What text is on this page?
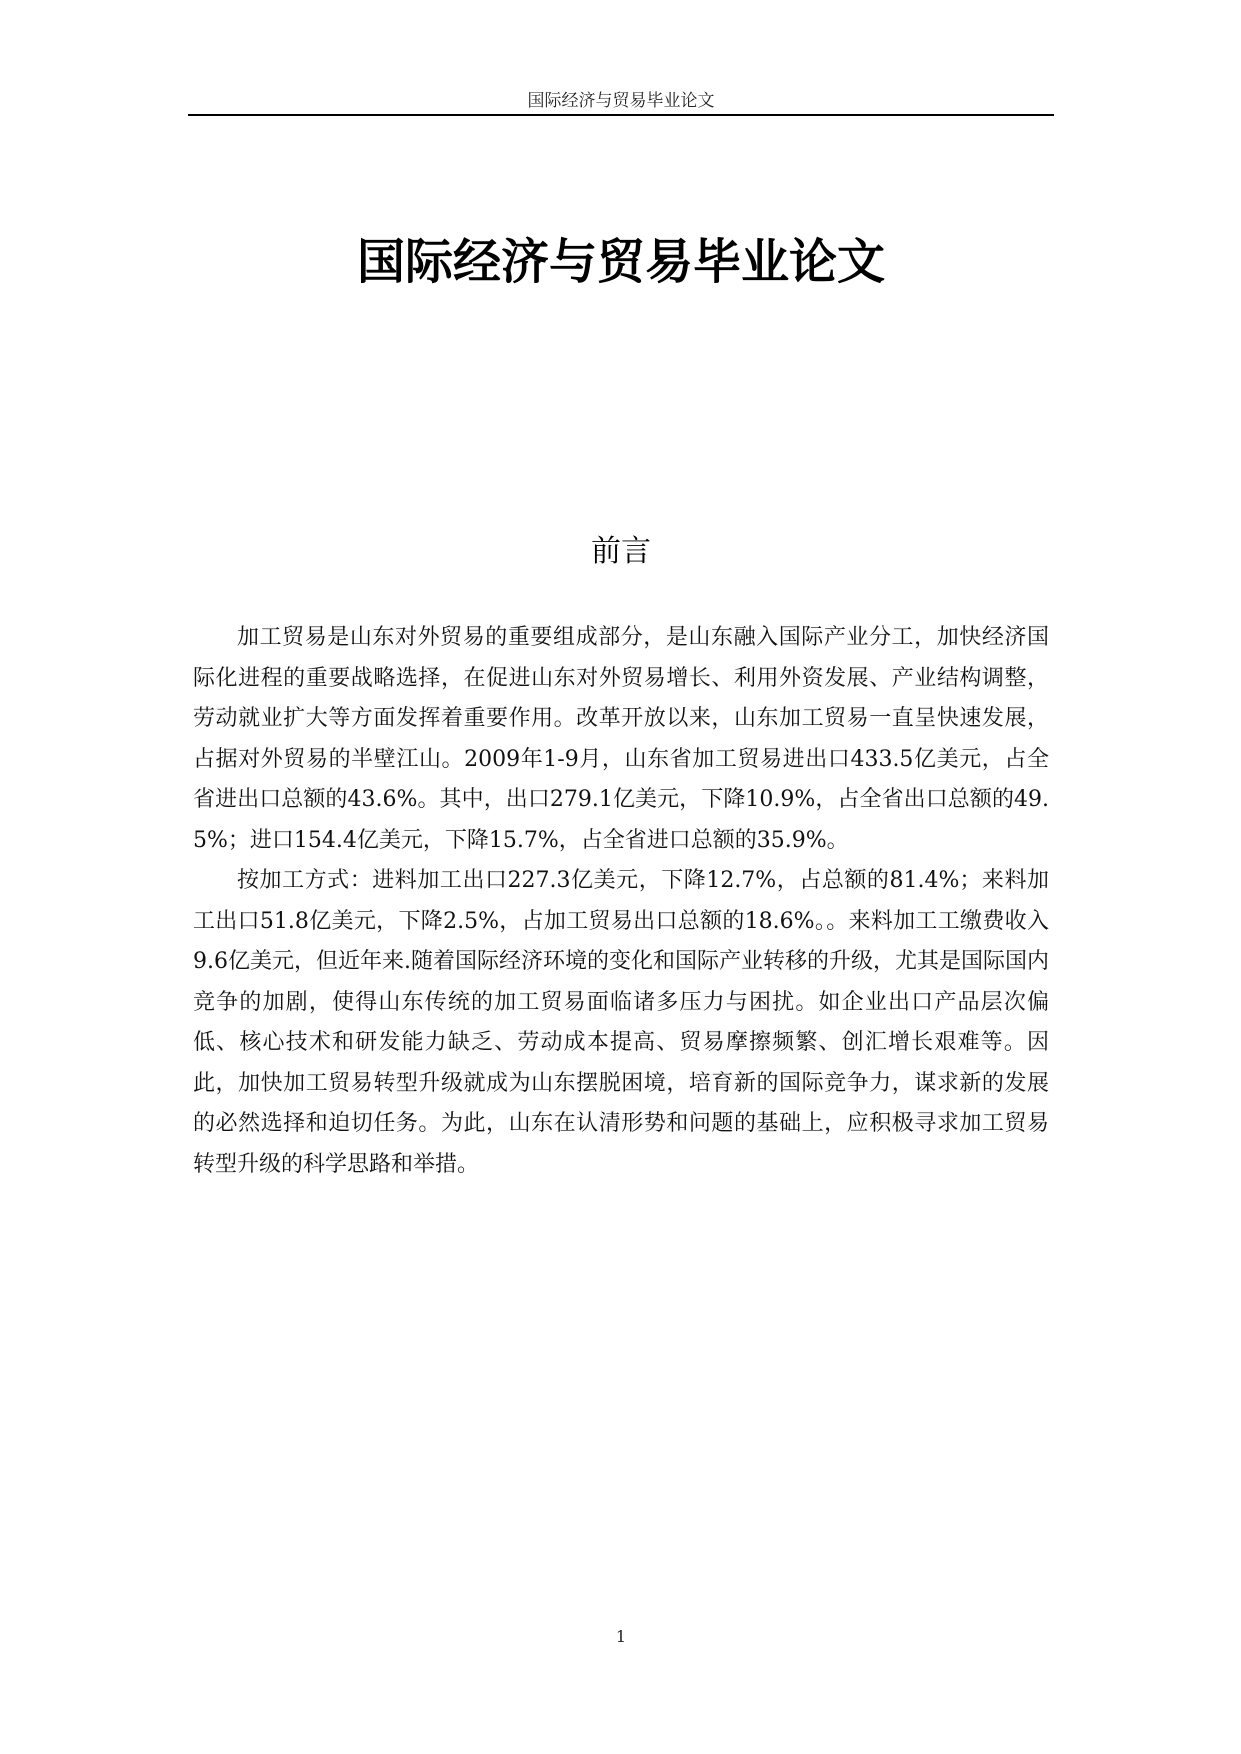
国际经济与贸易毕业论文
国际经济与贸易毕业论文
前言

加工贸易是山东对外贸易的重要组成部分，是山东融入国际产业分工，加快经济国际化进程的重要战略选择，在促进山东对外贸易增长、利用外资发展、产业结构调整，劳动就业扩大等方面发挥着重要作用。改革开放以来，山东加工贸易一直呈快速发展，占据对外贸易的半壁江山。2009年1-9月，山东省加工贸易进出口433.5亿美元，占全省进出口总额的43.6%。其中，出口279.1亿美元，下降10.9%，占全省出口总额的49.5%；进口154.4亿美元，下降15.7%，占全省进口总额的35.9%。

按加工方式：进料加工出口227.3亿美元，下降12.7%，占总额的81.4%；来料加工出口51.8亿美元，下降2.5%，占加工贸易出口总额的18.6%。。来料加工工缴费收入9.6亿美元，但近年来.随着国际经济环境的变化和国际产业转移的升级，尤其是国际国内竞争的加剧，使得山东传统的加工贸易面临诸多压力与困扰。如企业出口产品层次偏低、核心技术和研发能力缺乏、劳动成本提高、贸易摩擦频繁、创汇增长艰难等。因此，加快加工贸易转型升级就成为山东摆脱困境，培育新的国际竞争力，谋求新的发展的必然选择和迫切任务。为此，山东在认清形势和问题的基础上，应积极寻求加工贸易转型升级的科学思路和举措。

1
